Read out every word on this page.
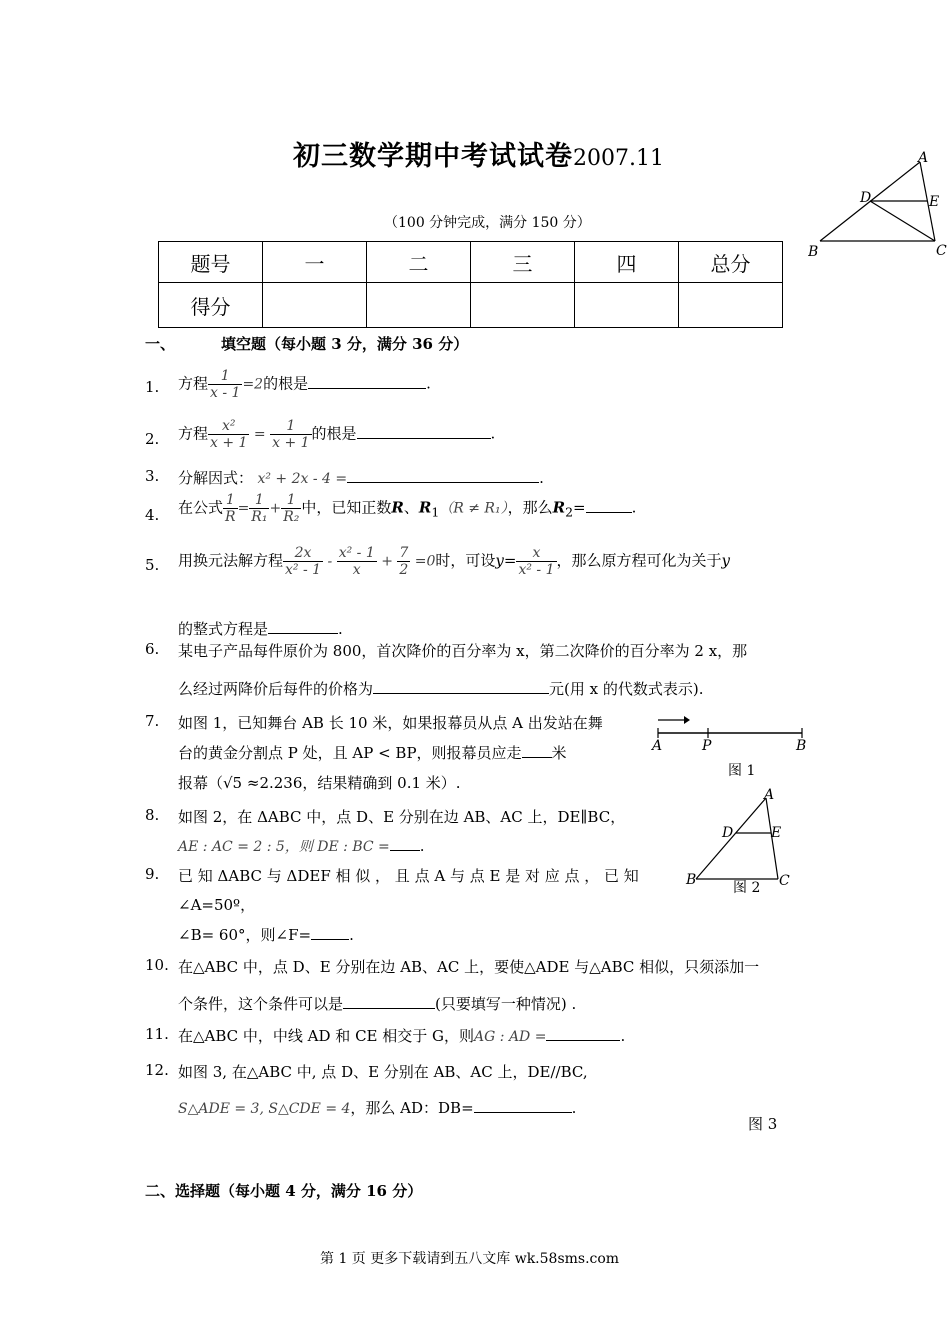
初三数学期中考试试卷2007.11
（100 分钟完成，满分 150 分）
题号	一	二	三	四	总分
得分					
A
B	C
D	E
一、	填空题（每小题 3 分，满分 36 分）
1. 方程 $\frac{1}{x - 1} =2$的根是	.
2. 方程 $\frac{\text{x²}}{x + 1} = \frac{1}{x + 1}$ 的根是	.
3. 分解因式： x² + 2x - 4 =	.
4. 在公式 $\frac{1}{R} = \frac{1}{\text{R₁}} + \frac{1}{\text{R₂}}$ 中，已知正数R、$R_1(R \ne R_1)$，那么$R_2=$	.
5. 用换元法解方程 $\frac{2x}{\text{x² - 1}} - \frac{\text{x² - 1}}{x} + \frac{7}{2} =0$时，可设$y= \frac{x}{\text{x² - 1}}$ ，那么原方程可化为关于y
的整式方程是	.
6. 某电子产品每件原价为 800，首次降价的百分率为 x，第二次降价的百分率为 2 x，那
么经过两降价后每件的价格为	元(用 x 的代数式表示).
7. 如图 1，已知舞台 AB 长 10 米，如果报幕员从点 A 出发站在舞
台的黄金分割点 P 处，且 AP < BP，则报幕员应走 米
报幕（√5 ≈2.236，结果精确到 0.1 米）.
A	P	B
图 1
8. 如图 2，在 ΔABC 中，点 D、E 分别在边 AB、AC 上，DE∥BC，
AE : AC = 2 : 5，则 DE : BC = .
A
B	C
D	E
图 2
9. 已 知 ΔABC 与 ΔDEF 相 似 ， 且 点 A 与 点 E 是 对 应 点 ， 已 知
∠A=50º，
∠B= 60°，则∠F=	.
10. 在△ABC 中，点 D、E 分别在边 AB、AC 上，要使△ADE 与△ABC 相似，只须添加一
个条件，这个条件可以是	(只要填写一种情况) .
11. 在△ABC 中，中线 AD 和 CE 相交于 G，则AG : AD =	.
12. 如图 3, 在△ABC 中, 点 D、E 分别在 AB、AC 上，DE//BC,
S△ADE = 3, S△CDE = 4，那么 AD：DB=	.
图 3
二、选择题（每小题 4 分，满分 16 分）
第 1 页 更多下载请到五八文库 wk.58sms.com
